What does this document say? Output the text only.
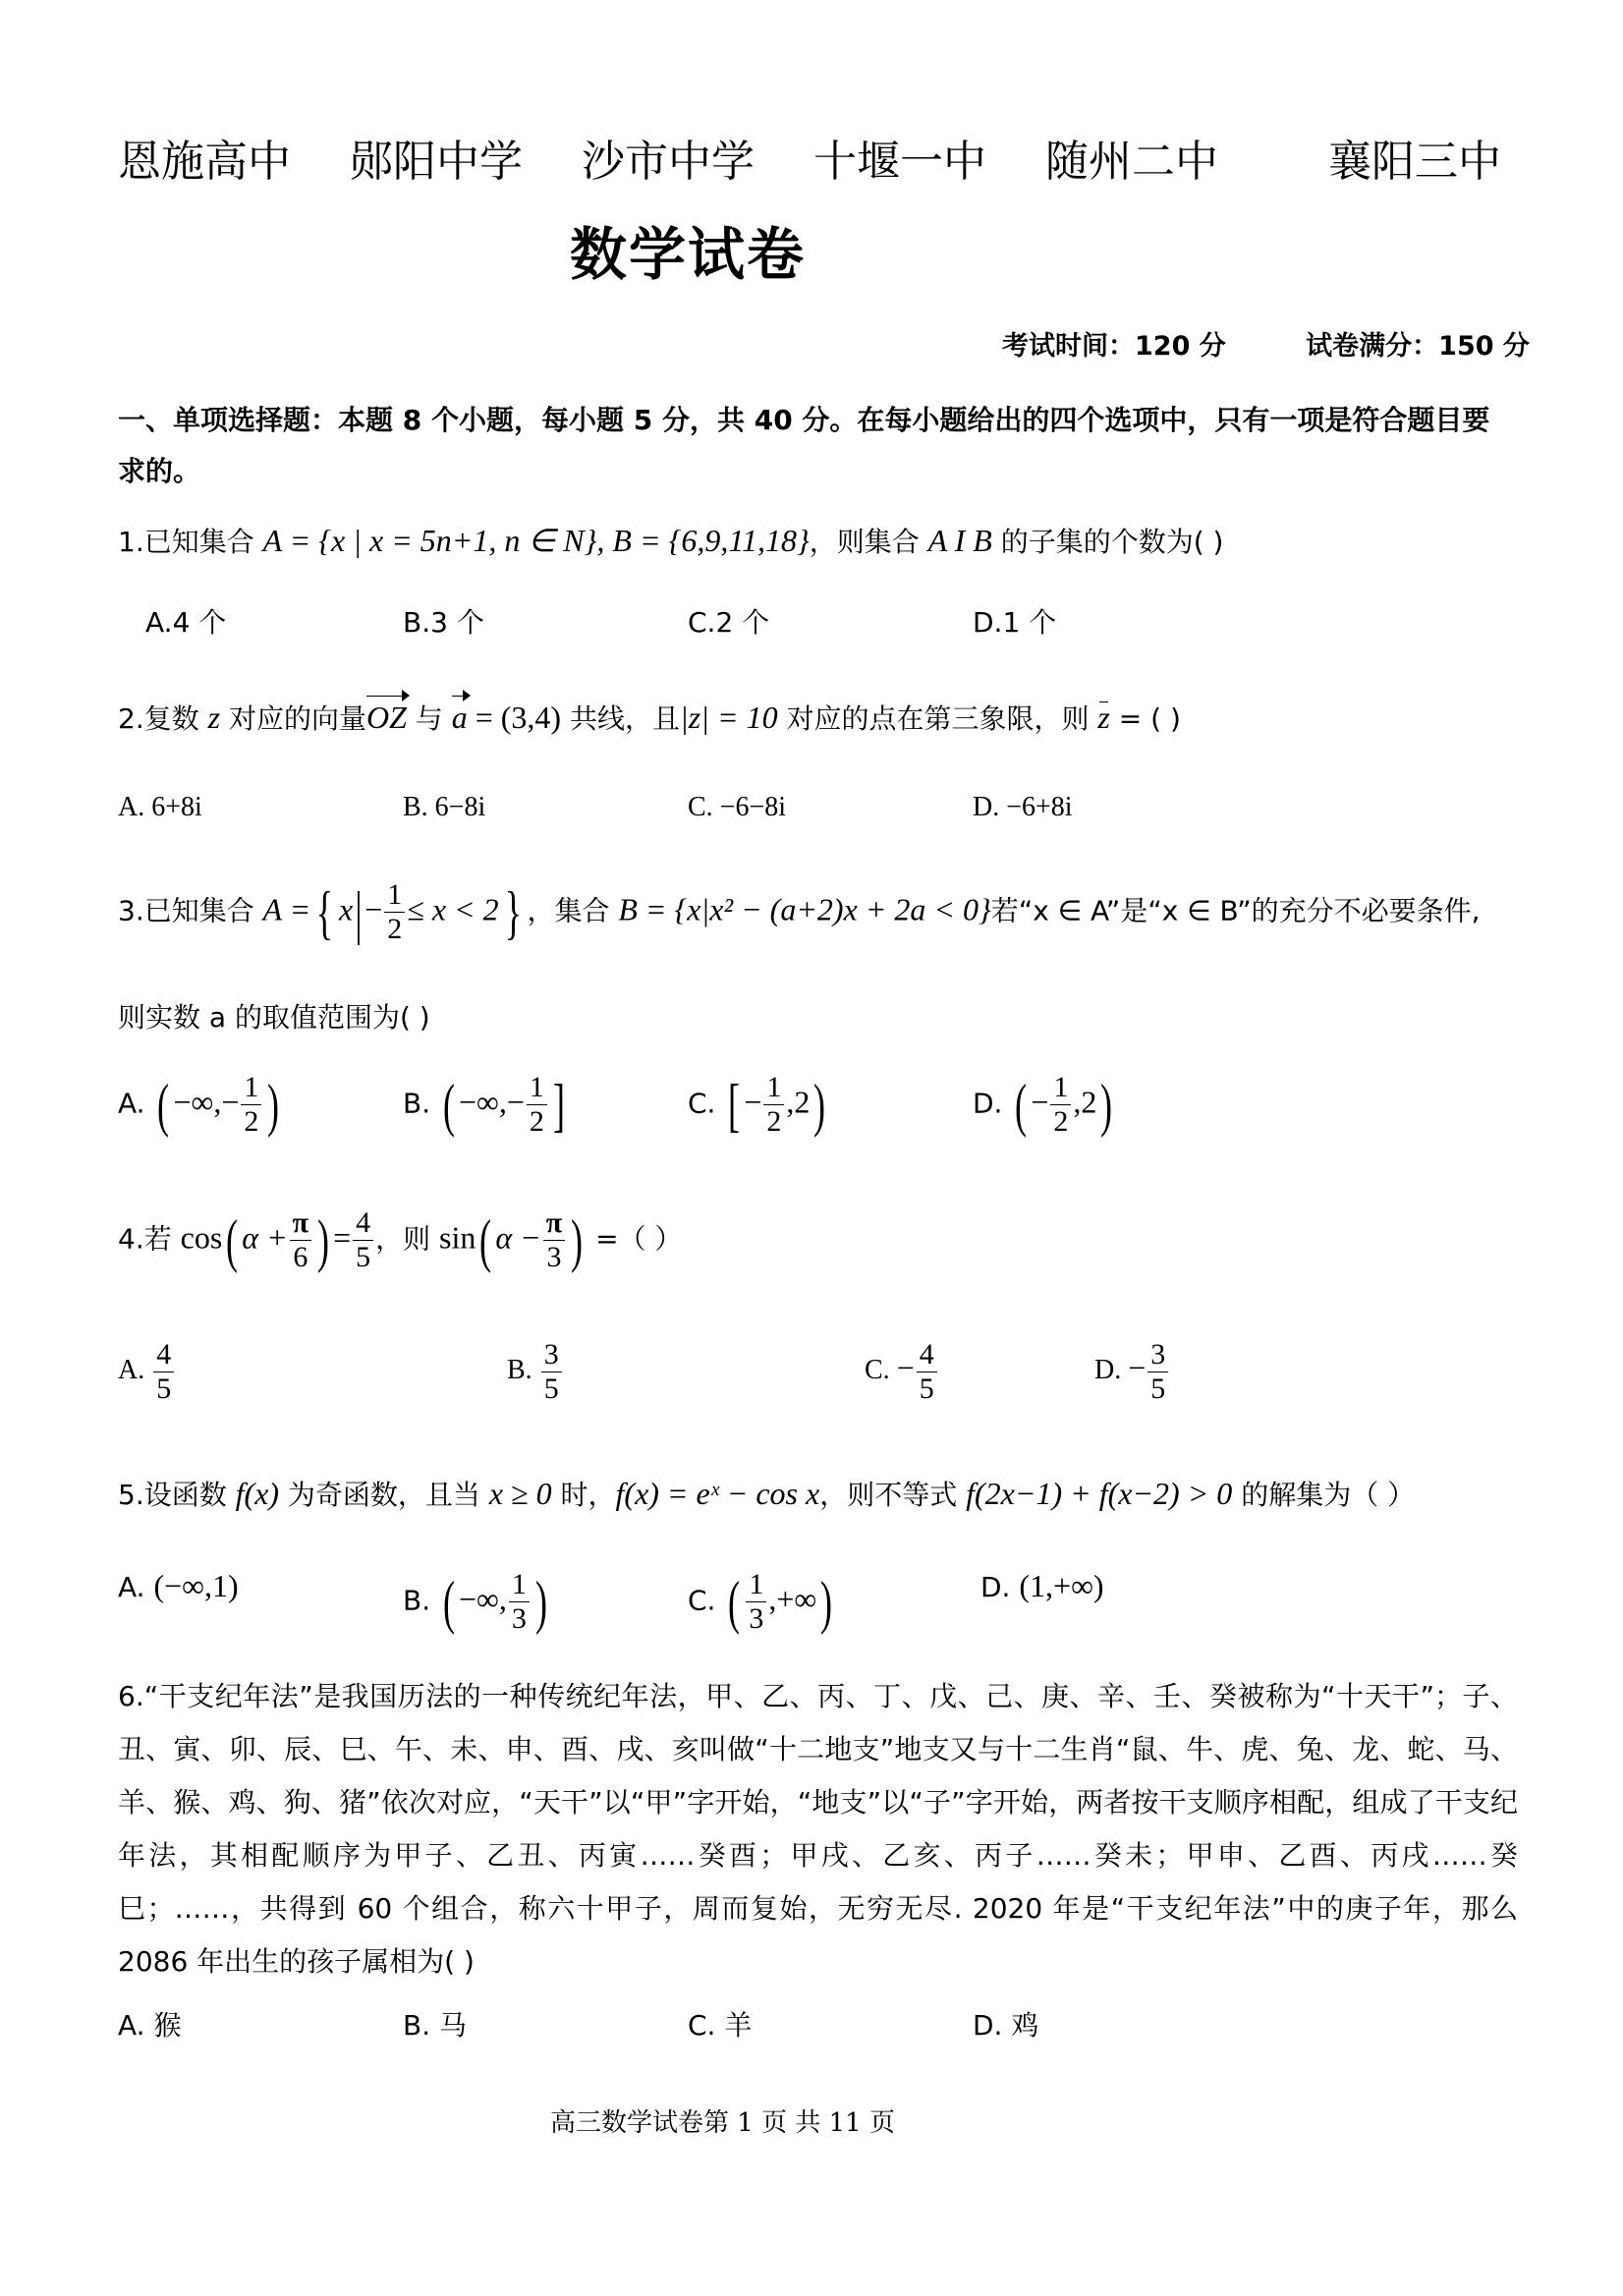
恩施高中 郧阳中学 沙市中学 十堰一中 随州二中	襄阳三中
数学试卷
考试时间：120 分	试卷满分：150 分
一、单项选择题：本题 8 个小题，每小题 5 分，共 40 分。在每小题给出的四个选项中，只有一项是符合题目要求的。
1.已知集合 A = {x | x = 5n+1, n ∈ N}, B = {6,9,11,18}，则集合 A I B 的子集的个数为( )
A.4 个	B.3 个	C.2 个	D.1 个
2.复数 z 对应的向量OZ 与 a = (3,4) 共线，且|z| = 10 对应的点在第三象限，则 z = ( )
A. 6+8i	B. 6−8i	C. −6−8i	D. −6+8i
3.已知集合 A ={ $x|- \frac{1}{2} \le x < 2$} ，集合 B = {x|x² − (a+2)x + 2a < 0}若“x ∈ A”是“x ∈ B”的充分不必要条件,
则实数 a 的取值范围为( )
A. ( −∞,− $\frac{1}{2}$ )	B. ( −∞,− $\frac{1}{2}$ ]	C. [ − $\frac{1}{2} ,2$)	D. ( − $\frac{1}{2} ,2$)
4.若 cos( $\alpha + \frac{\pi}{6}$ ) = $\frac{4}{5}$ ，则 sin( $\alpha - \frac{\pi}{3}$ ) =（ ）
A. $\frac{4}{5}$	B. $\frac{3}{5}$	C. − $\frac{4}{5}$	D. − $\frac{3}{5}$
5.设函数 f(x) 为奇函数，且当 x ≥ 0 时，f(x) = eˣ − cos x，则不等式 f(2x−1) + f(x−2) > 0 的解集为（ ）
A. (−∞,1)	B. ( −∞, $\frac{1}{3}$ )	C. ( $\frac{1}{3}$ ,+∞)	D. (1,+∞)
6.“干支纪年法”是我国历法的一种传统纪年法，甲、乙、丙、丁、戊、己、庚、辛、壬、癸被称为“十天干”；子、丑、寅、卯、辰、巳、午、未、申、酉、戌、亥叫做“十二地支”地支又与十二生肖“鼠、牛、虎、兔、龙、蛇、马、羊、猴、鸡、狗、猪”依次对应，“天干”以“甲”字开始，“地支”以“子”字开始，两者按干支顺序相配，组成了干支纪年法，其相配顺序为甲子、乙丑、丙寅……癸酉；甲戌、乙亥、丙子……癸未；甲申、乙酉、丙戌……癸巳；……，共得到 60 个组合，称六十甲子，周而复始，无穷无尽. 2020 年是“干支纪年法”中的庚子年，那么 2086 年出生的孩子属相为( )
A. 猴	B. 马	C. 羊	D. 鸡
高三数学试卷第 1 页 共 11 页
